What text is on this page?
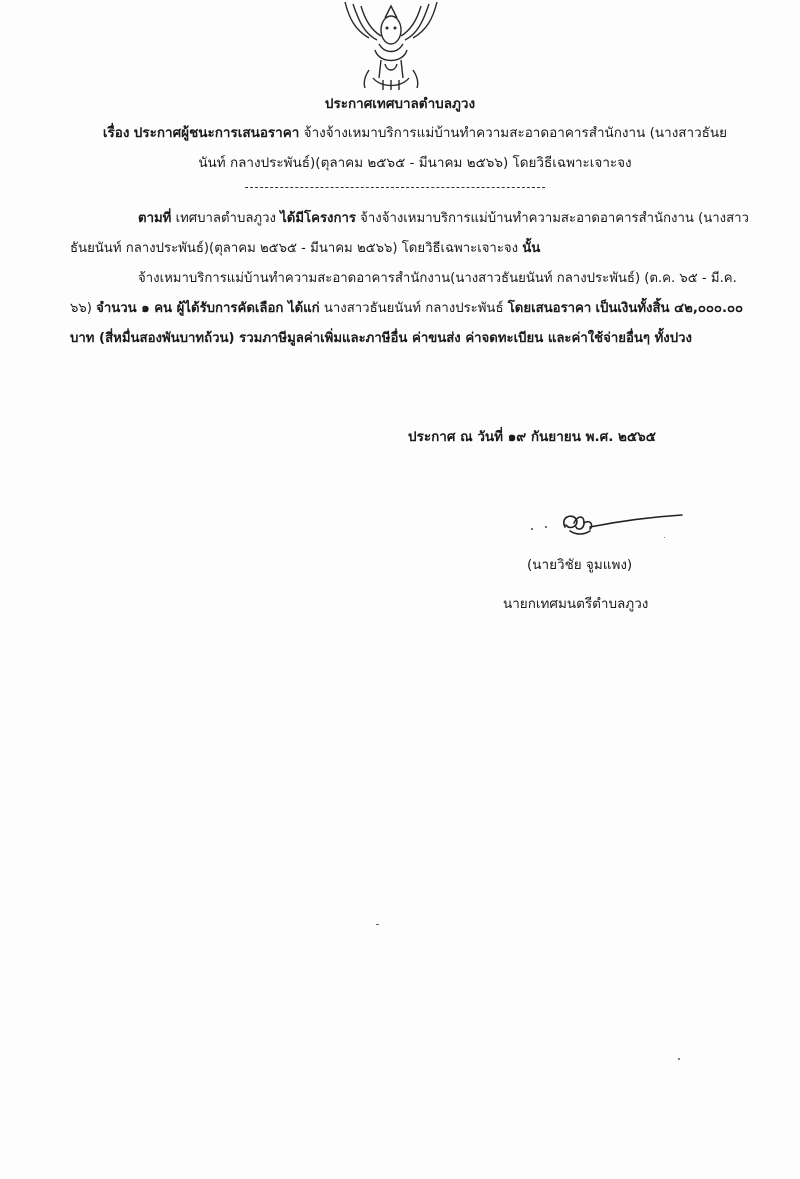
ประกาศเทศบาลตำบลภูวง
เรื่อง ประกาศผู้ชนะการเสนอราคา จ้างจ้างเหมาบริการแม่บ้านทำความสะอาดอาคารสำนักงาน (นางสาวธันย
นันท์ กลางประพันธ์)(ตุลาคม ๒๕๖๕ - มีนาคม ๒๕๖๖) โดยวิธีเฉพาะเจาะจง
ตามที่ เทศบาลตำบลภูวง ได้มีโครงการ จ้างจ้างเหมาบริการแม่บ้านทำความสะอาดอาคารสำนักงาน (นางสาวธันยนันท์ กลางประพันธ์)(ตุลาคม ๒๕๖๕ - มีนาคม ๒๕๖๖) โดยวิธีเฉพาะเจาะจง นั้น
จ้างเหมาบริการแม่บ้านทำความสะอาดอาคารสำนักงาน(นางสาวธันยนันท์ กลางประพันธ์) (ต.ค. ๖๕ - มี.ค. ๖๖) จำนวน ๑ คน ผู้ได้รับการคัดเลือก ได้แก่ นางสาวธันยนันท์ กลางประพันธ์ โดยเสนอราคา เป็นเงินทั้งสิ้น ๔๒,๐๐๐.๐๐ บาท (สี่หมื่นสองพันบาทถ้วน) รวมภาษีมูลค่าเพิ่มและภาษีอื่น ค่าขนส่ง ค่าจดทะเบียน และค่าใช้จ่ายอื่นๆ ทั้งปวง
ประกาศ ณ วันที่ ๑๙ กันยายน พ.ศ. ๒๕๖๕
(นายวิชัย จูมแพง)
นายกเทศมนตรีตำบลภูวง
